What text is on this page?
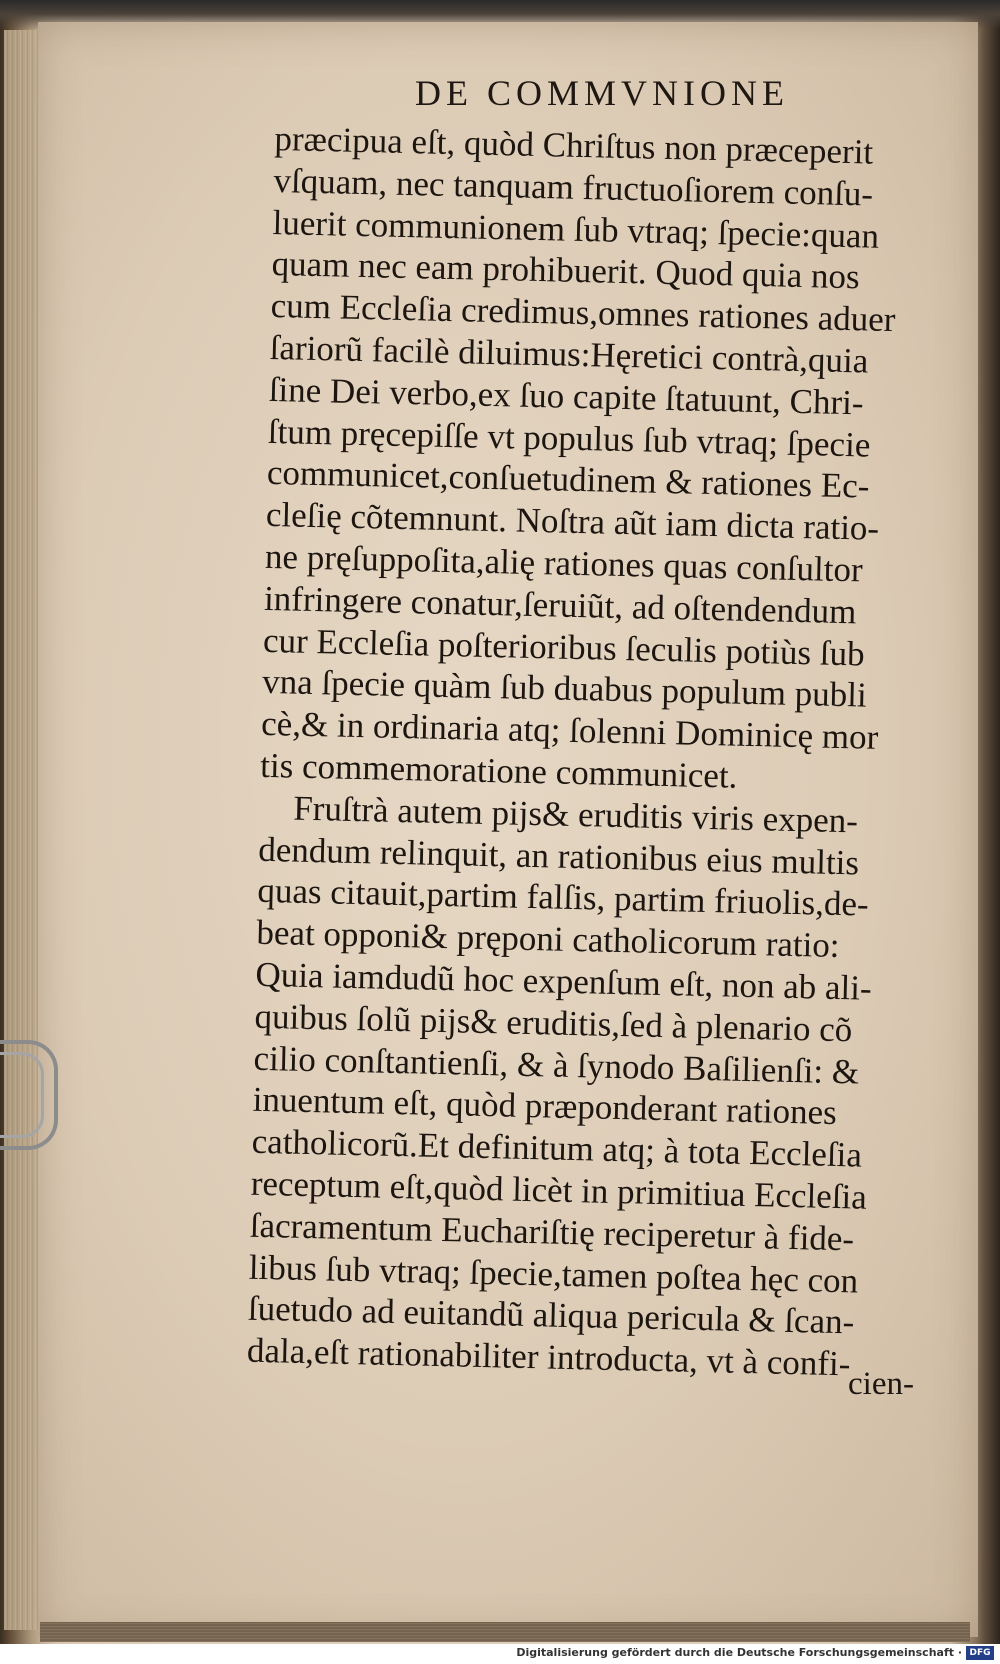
DE COMMVNIONE
præcipua eſt, quòd Chriſtus non præceperit
vſquam, nec tanquam fructuoſiorem conſu-
luerit communionem ſub vtraq; ſpecie:quan
quam nec eam prohibuerit. Quod quia nos
cum Eccleſia credimus,omnes rationes aduer
ſariorũ facilè diluimus:Hęretici contrà,quia
ſine Dei verbo,ex ſuo capite ſtatuunt, Chri-
ſtum pręcepiſſe vt populus ſub vtraq; ſpecie
communicet,conſuetudinem & rationes Ec-
cleſię cõtemnunt. Noſtra aũt iam dicta ratio-
ne pręſuppoſita,alię rationes quas conſultor
infringere conatur,ſeruiũt, ad oſtendendum
cur Eccleſia poſterioribus ſeculis potiùs ſub
vna ſpecie quàm ſub duabus populum publi
cè,& in ordinaria atq; ſolenni Dominicę mor
tis commemoratione communicet.
Fruſtrà autem pijs& eruditis viris expen-
dendum relinquit, an rationibus eius multis
quas citauit,partim falſis, partim friuolis,de-
beat opponi& pręponi catholicorum ratio:
Quia iamdudũ hoc expenſum eſt, non ab ali-
quibus ſolũ pijs& eruditis,ſed à plenario cõ
cilio conſtantienſi, & à ſynodo Baſilienſi: &
inuentum eſt, quòd præponderant rationes
catholicorũ.Et definitum atq; à tota Eccleſia
receptum eſt,quòd licèt in primitiua Eccleſia
ſacramentum Euchariſtię reciperetur à fide-
libus ſub vtraq; ſpecie,tamen poſtea hęc con
ſuetudo ad euitandũ aliqua pericula & ſcan-
dala,eſt rationabiliter introducta, vt à confi-
cien-
Digitalisierung gefördert durch die Deutsche Forschungsgemeinschaft · DFG
